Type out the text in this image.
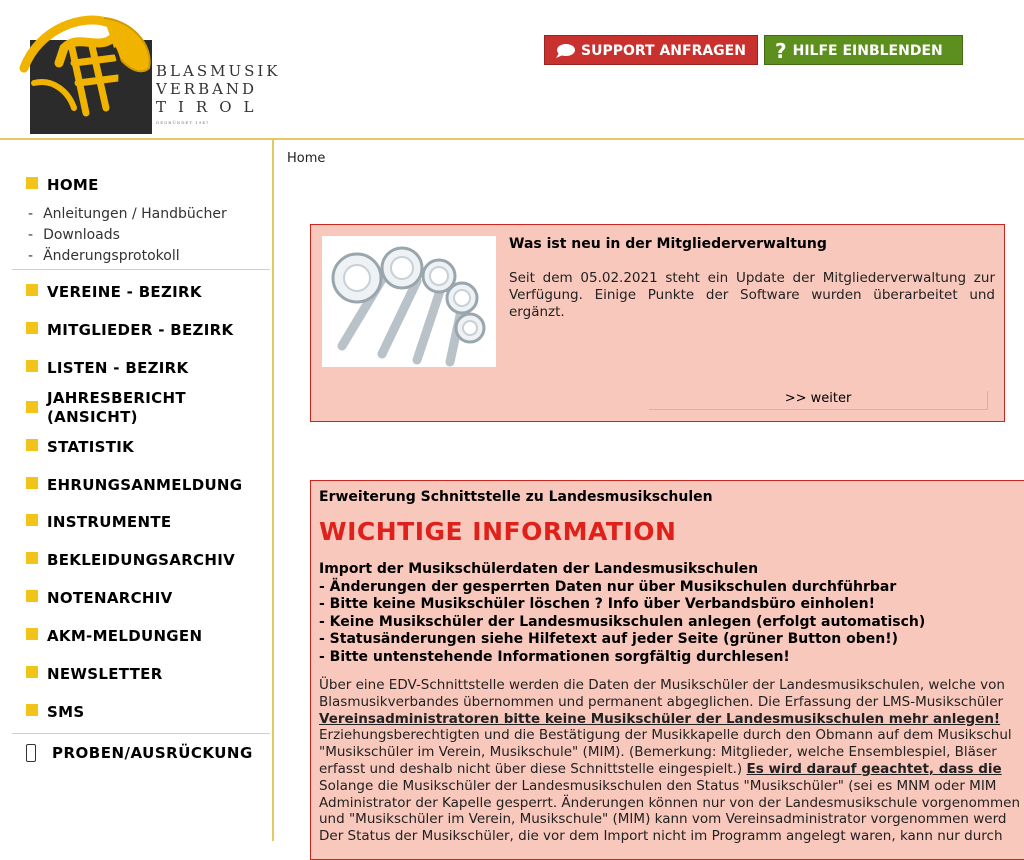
BLASMUSIK
VERBAND
TIROL
GEGRÜNDET 1947
SUPPORT ANFRAGEN	? HILFE EINBLENDEN
HOME
- Anleitungen / Handbücher
- Downloads
- Änderungsprotokoll
VEREINE - BEZIRK
MITGLIEDER - BEZIRK
LISTEN - BEZIRK
JAHRESBERICHT
(ANSICHT)
STATISTIK
EHRUNGSANMELDUNG
INSTRUMENTE
BEKLEIDUNGSARCHIV
NOTENARCHIV
AKM-MELDUNGEN
NEWSLETTER
SMS
PROBEN/AUSRÜCKUNG
Home
Was ist neu in der Mitgliederverwaltung
Seit dem 05.02.2021 steht ein Update der Mitgliederverwaltung zur Verfügung. Einige Punkte der Software wurden überarbeitet und ergänzt.
>> weiter
Erweiterung Schnittstelle zu Landesmusikschulen
WICHTIGE INFORMATION
Import der Musikschülerdaten der Landesmusikschulen
- Änderungen der gesperrten Daten nur über Musikschulen durchführbar
- Bitte keine Musikschüler löschen ? Info über Verbandsbüro einholen!
- Keine Musikschüler der Landesmusikschulen anlegen (erfolgt automatisch)
- Statusänderungen siehe Hilfetext auf jeder Seite (grüner Button oben!)
- Bitte untenstehende Informationen sorgfältig durchlesen!
Über eine EDV-Schnittstelle werden die Daten der Musikschüler der Landesmusikschulen, welche von
Blasmusikverbandes übernommen und permanent abgeglichen. Die Erfassung der LMS-Musikschüler
Vereinsadministratoren bitte keine Musikschüler der Landesmusikschulen mehr anlegen!
Erziehungsberechtigten und die Bestätigung der Musikkapelle durch den Obmann auf dem Musikschul
"Musikschüler im Verein, Musikschule" (MIM). (Bemerkung: Mitglieder, welche Ensemblespiel, Bläser
erfasst und deshalb nicht über diese Schnittstelle eingespielt.) Es wird darauf geachtet, dass die
Solange die Musikschüler der Landesmusikschulen den Status "Musikschüler" (sei es MNM oder MIM
Administrator der Kapelle gesperrt. Änderungen können nur von der Landesmusikschule vorgenommen
und "Musikschüler im Verein, Musikschule" (MIM) kann vom Vereinsadministrator vorgenommen werd
Der Status der Musikschüler, die vor dem Import nicht im Programm angelegt waren, kann nur durch
